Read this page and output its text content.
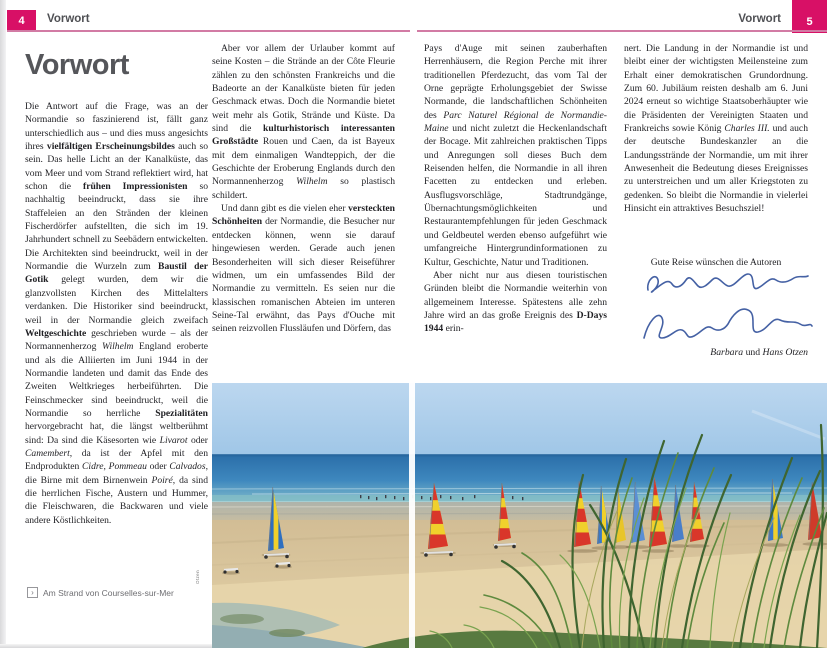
4	Vorwort	5
Vorwort
Vorwort

Die Antwort auf die Frage, was an der Normandie so faszinierend ist, fällt ganz unterschiedlich aus – und dies muss angesichts ihres vielfältigen Erscheinungsbildes auch so sein. Das helle Licht an der Kanalküste, das vom Meer und vom Strand reflektiert wird, hat schon die frühen Impressionisten so nachhaltig beeindruckt, dass sie ihre Staffeleien an den Stränden der kleinen Fischerdörfer aufstellten, die sich im 19. Jahrhundert schnell zu Seebädern entwickelten. Die Architekten sind beeindruckt, weil in der Normandie die Wurzeln zum Baustil der Gotik gelegt wurden, dem wir die glanzvollsten Kirchen des Mittelalters verdanken. Die Historiker sind beeindruckt, weil in der Normandie gleich zweifach Weltgeschichte geschrieben wurde – als der Normannenherzog Wilhelm England eroberte und als die Alliierten im Juni 1944 in der Normandie landeten und damit das Ende des Zweiten Weltkrieges herbeiführten. Die Feinschmecker sind beeindruckt, weil die Normandie so herrliche Spezialitäten hervorgebracht hat, die längst weltberühmt sind: Da sind die Käsesorten wie Livarot oder Camembert, da ist der Apfel mit den Endprodukten Cidre, Pommeau oder Calvados, die Birne mit dem Birnenwein Poiré, da sind die herrlichen Fische, Austern und Hummer, die Fleischwaren, die Backwaren und viele andere Köstlichkeiten.

Aber vor allem der Urlauber kommt auf seine Kosten – die Strände an der Côte Fleurie zählen zu den schönsten Frankreichs und die Badeorte an der Kanalküste bieten für jeden Geschmack etwas. Doch die Normandie bietet weit mehr als Gotik, Strände und Küste. Da sind die kulturhistorisch interessanten Großstädte Rouen und Caen, da ist Bayeux mit dem einmaligen Wandteppich, der die Geschichte der Eroberung Englands durch den Normannenherzog Wilhelm so plastisch schildert.

Und dann gibt es die vielen eher versteckten Schönheiten der Normandie, die Besucher nur entdecken können, wenn sie darauf hingewiesen werden. Gerade auch jenen Besonderheiten will sich dieser Reiseführer widmen, um ein umfassendes Bild der Normandie zu vermitteln. Es seien nur die klassischen romanischen Abteien im unteren Seine-Tal erwähnt, das Pays d'Ouche mit seinen reizvollen Flussläufen und Dörfern, das

Pays d'Auge mit seinen zauberhaften Herrenhäusern, die Region Perche mit ihrer traditionellen Pferdezucht, das vom Tal der Orne geprägte Erholungsgebiet der Swisse Normande, die landschaftlichen Schönheiten des Parc Naturel Régional de Normandie-Maine und nicht zuletzt die Heckenlandschaft der Bocage. Mit zahlreichen praktischen Tipps und Anregungen soll dieses Buch dem Reisenden helfen, die Normandie in all ihren Facetten zu entdecken und erleben. Ausflugsvorschläge, Stadtrundgänge, Übernachtungsmöglichkeiten und Restaurantempfehlungen für jeden Geschmack und Geldbeutel werden ebenso aufgeführt wie umfangreiche Hintergrundinformationen zu Kultur, Geschichte, Natur und Traditionen.

Aber nicht nur aus diesen touristischen Gründen bleibt die Normandie weiterhin von allgemeinem Interesse. Spätestens alle zehn Jahre wird an das große Ereignis des D-Days 1944 erin-

nert. Die Landung in der Normandie ist und bleibt einer der wichtigsten Meilensteine zum Erhalt einer demokratischen Grundordnung. Zum 60. Jubiläum reisten deshalb am 6. Juni 2024 erneut so wichtige Staatsoberhäupter wie die Präsidenten der Vereinigten Staaten und Frankreichs sowie König Charles III. und auch der deutsche Bundeskanzler an die Landungsstrände der Normandie, um mit ihrer Anwesenheit die Bedeutung dieses Ereignisses zu unterstreichen und um aller Kriegstoten zu gedenken. So bleibt die Normandie in vielerlei Hinsicht ein attraktives Besuchsziel!

Gute Reise wünschen die Autoren
Barbara und Hans Otzen
›	Am Strand von Courselles-sur-Mer
Otzen
